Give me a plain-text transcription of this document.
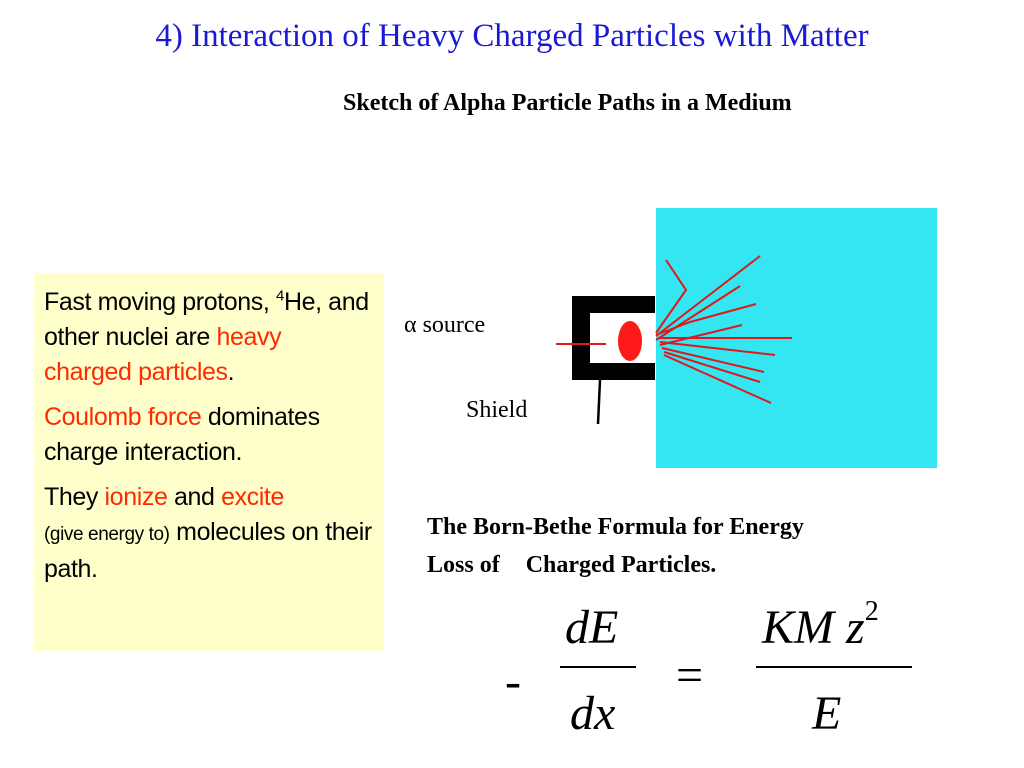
4) Interaction of Heavy Charged Particles with Matter
Sketch of Alpha Particle Paths in a Medium

Fast moving protons, $^4$He, and other nuclei are heavy charged particles.

Coulomb force dominates charge interaction.

They ionize and excite
(give energy to) molecules on their path.

α source
Shield
The Born-Bethe Formula for Energy
Loss of Charged Particles.
-
dE
dx
=
KM $z^2$
E
